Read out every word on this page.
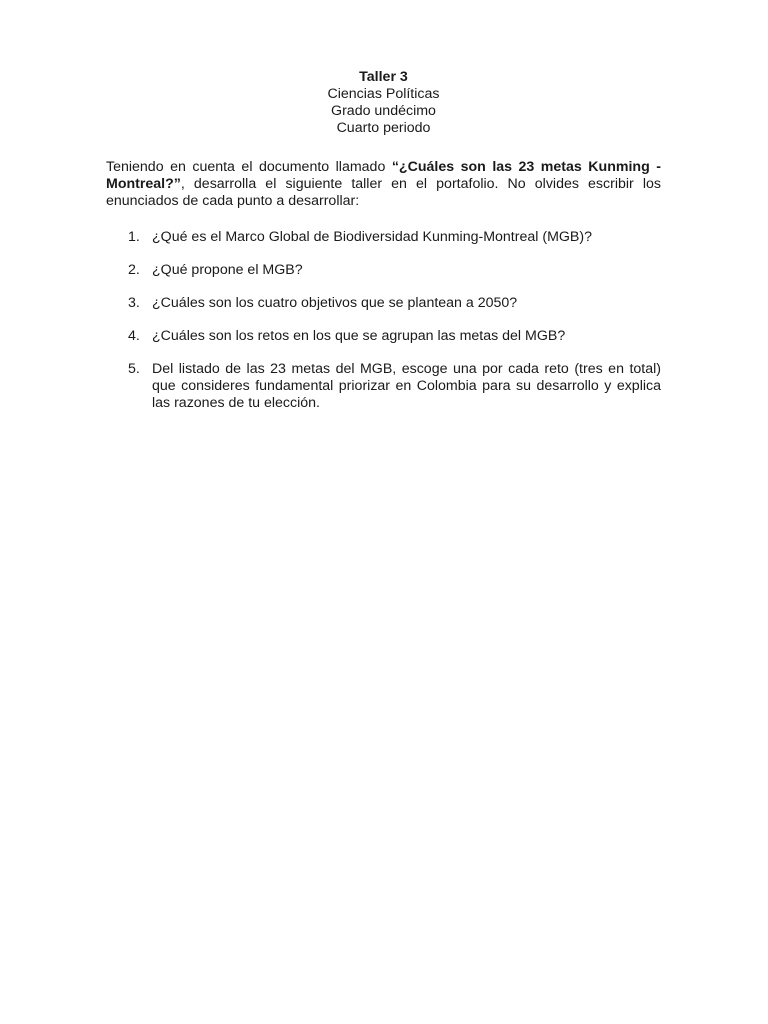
Taller 3
Ciencias Políticas
Grado undécimo
Cuarto periodo

Teniendo en cuenta el documento llamado “¿Cuáles son las 23 metas Kunming - Montreal?”, desarrolla el siguiente taller en el portafolio. No olvides escribir los enunciados de cada punto a desarrollar:

1. ¿Qué es el Marco Global de Biodiversidad Kunming-Montreal (MGB)?
2. ¿Qué propone el MGB?
3. ¿Cuáles son los cuatro objetivos que se plantean a 2050?
4. ¿Cuáles son los retos en los que se agrupan las metas del MGB?
5. Del listado de las 23 metas del MGB, escoge una por cada reto (tres en total) que consideres fundamental priorizar en Colombia para su desarrollo y explica las razones de tu elección.
